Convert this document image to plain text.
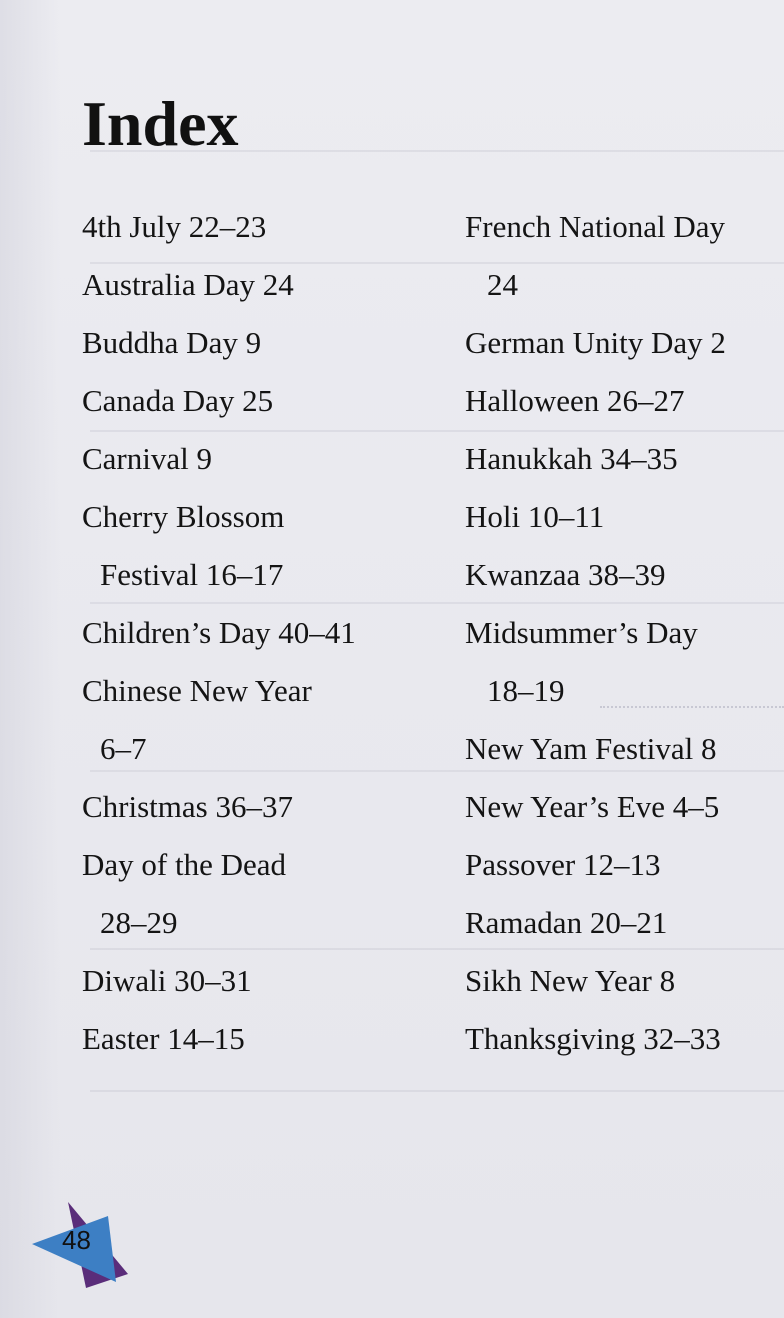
Index
4th July 22–23
Australia Day 24
Buddha Day 9
Canada Day 25
Carnival 9
Cherry Blossom
Festival 16–17
Children’s Day 40–41
Chinese New Year
6–7
Christmas 36–37
Day of the Dead
28–29
Diwali 30–31
Easter 14–15
French National Day
24
German Unity Day 2
Halloween 26–27
Hanukkah 34–35
Holi 10–11
Kwanzaa 38–39
Midsummer’s Day
18–19
New Yam Festival 8
New Year’s Eve 4–5
Passover 12–13
Ramadan 20–21
Sikh New Year 8
Thanksgiving 32–33
48
